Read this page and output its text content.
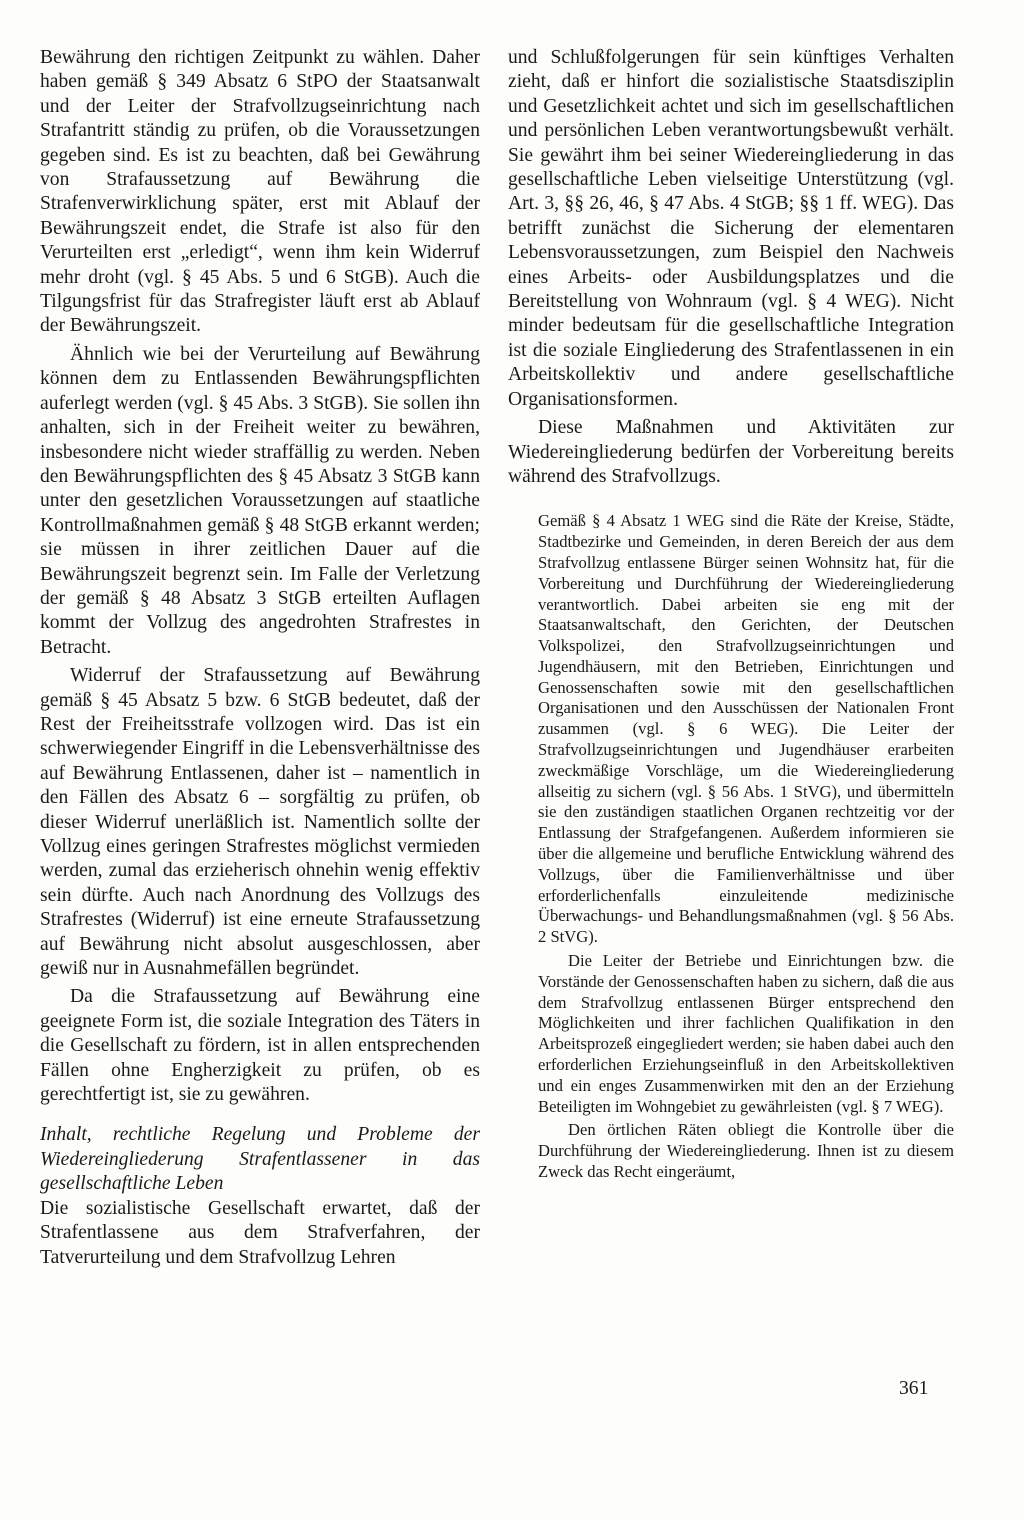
Bewährung den richtigen Zeitpunkt zu wählen. Daher haben gemäß § 349 Absatz 6 StPO der Staatsanwalt und der Leiter der Strafvollzugseinrichtung nach Strafantritt ständig zu prüfen, ob die Voraussetzungen gegeben sind. Es ist zu beachten, daß bei Gewährung von Strafaussetzung auf Bewährung die Strafenverwirklichung später, erst mit Ablauf der Bewährungszeit endet, die Strafe ist also für den Verurteilten erst „erledigt“, wenn ihm kein Widerruf mehr droht (vgl. § 45 Abs. 5 und 6 StGB). Auch die Tilgungsfrist für das Strafregister läuft erst ab Ablauf der Bewährungszeit.

Ähnlich wie bei der Verurteilung auf Bewährung können dem zu Entlassenden Bewährungspflichten auferlegt werden (vgl. § 45 Abs. 3 StGB). Sie sollen ihn anhalten, sich in der Freiheit weiter zu bewähren, insbesondere nicht wieder straffällig zu werden. Neben den Bewährungspflichten des § 45 Absatz 3 StGB kann unter den gesetzlichen Voraussetzungen auf staatliche Kontrollmaßnahmen gemäß § 48 StGB erkannt werden; sie müssen in ihrer zeitlichen Dauer auf die Bewährungszeit begrenzt sein. Im Falle der Verletzung der gemäß § 48 Absatz 3 StGB erteilten Auflagen kommt der Vollzug des angedrohten Strafrestes in Betracht.

Widerruf der Strafaussetzung auf Bewährung gemäß § 45 Absatz 5 bzw. 6 StGB bedeutet, daß der Rest der Freiheitsstrafe vollzogen wird. Das ist ein schwerwiegender Eingriff in die Lebensverhältnisse des auf Bewährung Entlassenen, daher ist – namentlich in den Fällen des Absatz 6 – sorgfältig zu prüfen, ob dieser Widerruf unerläßlich ist. Namentlich sollte der Vollzug eines geringen Strafrestes möglichst vermieden werden, zumal das erzieherisch ohnehin wenig effektiv sein dürfte. Auch nach Anordnung des Vollzugs des Strafrestes (Widerruf) ist eine erneute Strafaussetzung auf Bewährung nicht absolut ausgeschlossen, aber gewiß nur in Ausnahmefällen begründet.

Da die Strafaussetzung auf Bewährung eine geeignete Form ist, die soziale Integration des Täters in die Gesellschaft zu fördern, ist in allen entsprechenden Fällen ohne Engherzigkeit zu prüfen, ob es gerechtfertigt ist, sie zu gewähren.

Inhalt, rechtliche Regelung und Probleme der Wiedereingliederung Strafentlassener in das gesellschaftliche Leben

Die sozialistische Gesellschaft erwartet, daß der Strafentlassene aus dem Strafverfahren, der Tatverurteilung und dem Strafvollzug Lehren

und Schlußfolgerungen für sein künftiges Verhalten zieht, daß er hinfort die sozialistische Staatsdisziplin und Gesetzlichkeit achtet und sich im gesellschaftlichen und persönlichen Leben verantwortungsbewußt verhält. Sie gewährt ihm bei seiner Wiedereingliederung in das gesellschaftliche Leben vielseitige Unterstützung (vgl. Art. 3, §§ 26, 46, § 47 Abs. 4 StGB; §§ 1 ff. WEG). Das betrifft zunächst die Sicherung der elementaren Lebensvoraussetzungen, zum Beispiel den Nachweis eines Arbeits- oder Ausbildungsplatzes und die Bereitstellung von Wohnraum (vgl. § 4 WEG). Nicht minder bedeutsam für die gesellschaftliche Integration ist die soziale Eingliederung des Strafentlassenen in ein Arbeitskollektiv und andere gesellschaftliche Organisationsformen.

Diese Maßnahmen und Aktivitäten zur Wiedereingliederung bedürfen der Vorbereitung bereits während des Strafvollzugs.

Gemäß § 4 Absatz 1 WEG sind die Räte der Kreise, Städte, Stadtbezirke und Gemeinden, in deren Bereich der aus dem Strafvollzug entlassene Bürger seinen Wohnsitz hat, für die Vorbereitung und Durchführung der Wiedereingliederung verantwortlich. Dabei arbeiten sie eng mit der Staatsanwaltschaft, den Gerichten, der Deutschen Volkspolizei, den Strafvollzugseinrichtungen und Jugendhäusern, mit den Betrieben, Einrichtungen und Genossenschaften sowie mit den gesellschaftlichen Organisationen und den Ausschüssen der Nationalen Front zusammen (vgl. § 6 WEG). Die Leiter der Strafvollzugseinrichtungen und Jugendhäuser erarbeiten zweckmäßige Vorschläge, um die Wiedereingliederung allseitig zu sichern (vgl. § 56 Abs. 1 StVG), und übermitteln sie den zuständigen staatlichen Organen rechtzeitig vor der Entlassung der Strafgefangenen. Außerdem informieren sie über die allgemeine und berufliche Entwicklung während des Vollzugs, über die Familienverhältnisse und über erforderlichenfalls einzuleitende medizinische Überwachungs- und Behandlungsmaßnahmen (vgl. § 56 Abs. 2 StVG).

Die Leiter der Betriebe und Einrichtungen bzw. die Vorstände der Genossenschaften haben zu sichern, daß die aus dem Strafvollzug entlassenen Bürger entsprechend den Möglichkeiten und ihrer fachlichen Qualifikation in den Arbeitsprozeß eingegliedert werden; sie haben dabei auch den erforderlichen Erziehungseinfluß in den Arbeitskollektiven und ein enges Zusammenwirken mit den an der Erziehung Beteiligten im Wohngebiet zu gewährleisten (vgl. § 7 WEG).

Den örtlichen Räten obliegt die Kontrolle über die Durchführung der Wiedereingliederung. Ihnen ist zu diesem Zweck das Recht eingeräumt,

361
